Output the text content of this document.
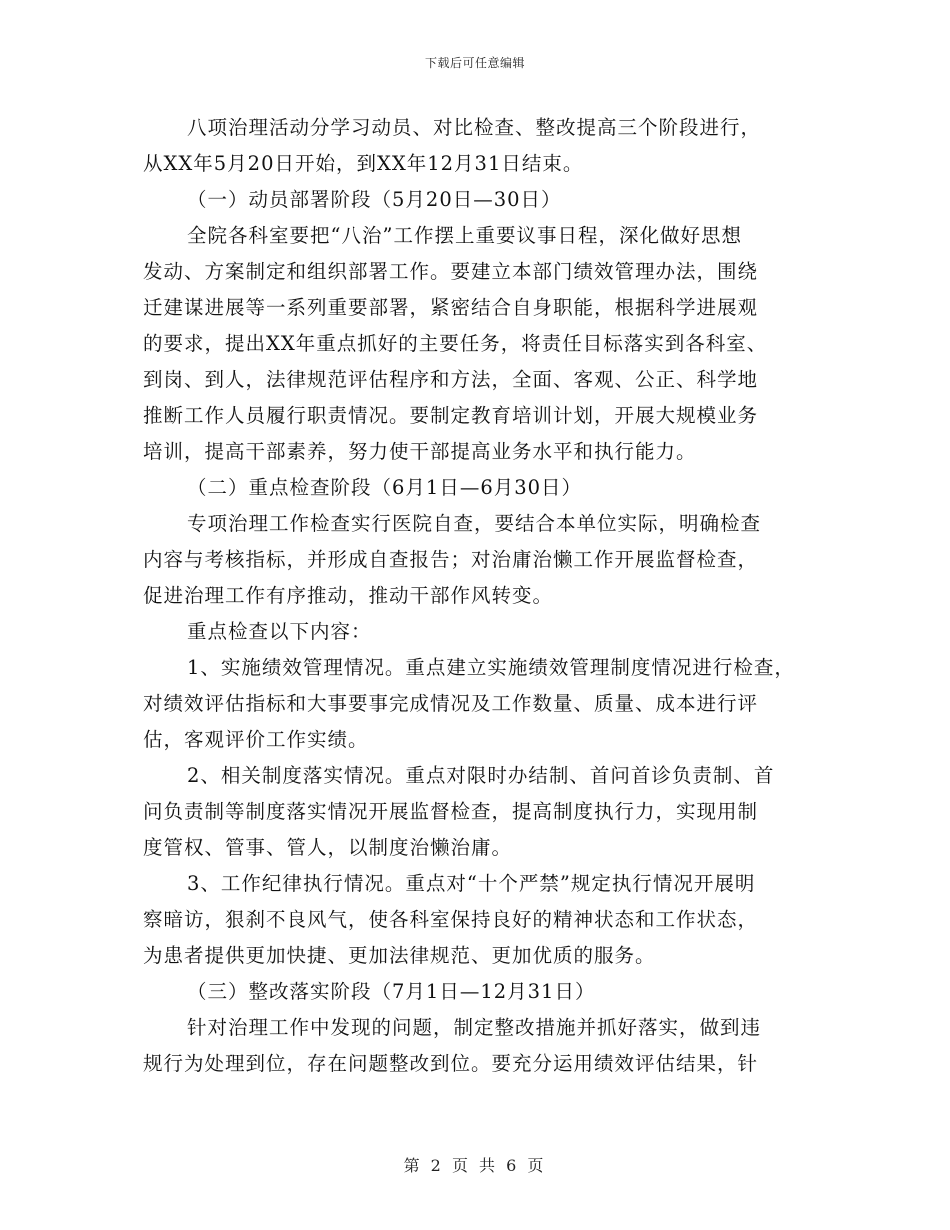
下载后可任意编辑
八项治理活动分学习动员、对比检查、整改提高三个阶段进行，
从XX年5月20日开始，到XX年12月31日结束。
（一）动员部署阶段（5月20日—30日）
全院各科室要把“八治”工作摆上重要议事日程，深化做好思想
发动、方案制定和组织部署工作。要建立本部门绩效管理办法，围绕
迁建谋进展等一系列重要部署，紧密结合自身职能，根据科学进展观
的要求，提出XX年重点抓好的主要任务，将责任目标落实到各科室、
到岗、到人，法律规范评估程序和方法，全面、客观、公正、科学地
推断工作人员履行职责情况。要制定教育培训计划，开展大规模业务
培训，提高干部素养，努力使干部提高业务水平和执行能力。
（二）重点检查阶段（6月1日—6月30日）
专项治理工作检查实行医院自查，要结合本单位实际，明确检查
内容与考核指标，并形成自查报告；对治庸治懒工作开展监督检查，
促进治理工作有序推动，推动干部作风转变。
重点检查以下内容：
1、实施绩效管理情况。重点建立实施绩效管理制度情况进行检查，
对绩效评估指标和大事要事完成情况及工作数量、质量、成本进行评
估，客观评价工作实绩。
2、相关制度落实情况。重点对限时办结制、首问首诊负责制、首
问负责制等制度落实情况开展监督检查，提高制度执行力，实现用制
度管权、管事、管人，以制度治懒治庸。
3、工作纪律执行情况。重点对“十个严禁”规定执行情况开展明
察暗访，狠刹不良风气，使各科室保持良好的精神状态和工作状态，
为患者提供更加快捷、更加法律规范、更加优质的服务。
（三）整改落实阶段（7月1日—12月31日）
针对治理工作中发现的问题，制定整改措施并抓好落实，做到违
规行为处理到位，存在问题整改到位。要充分运用绩效评估结果，针
第 2 页 共 6 页
